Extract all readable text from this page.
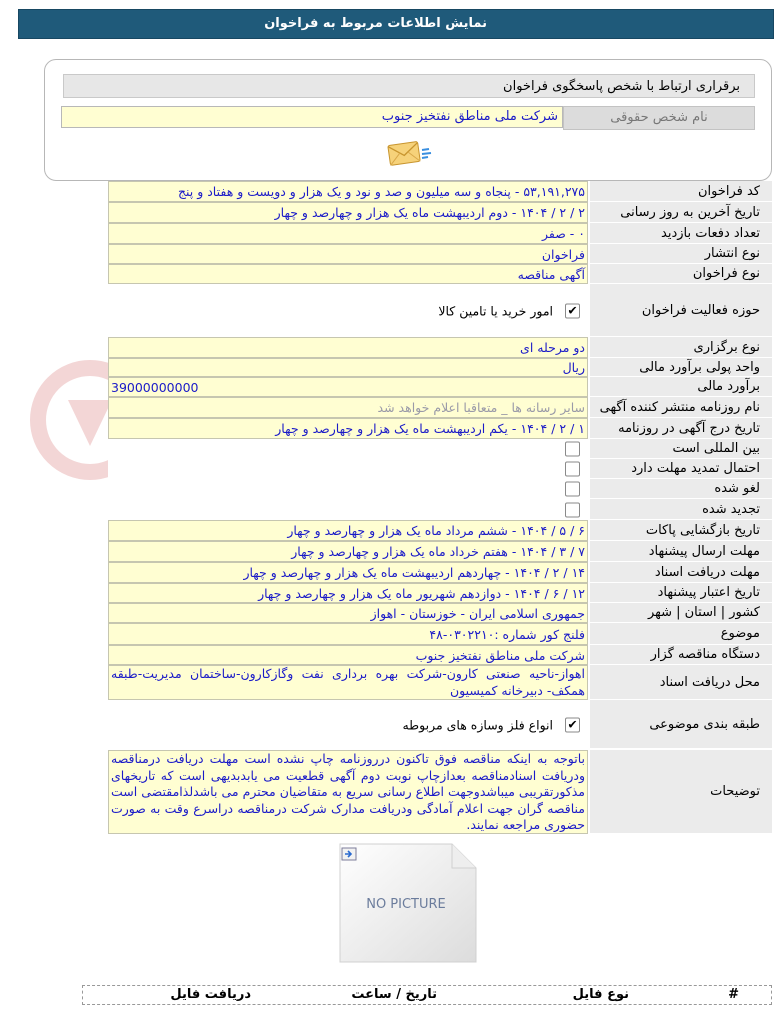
نمایش اطلاعات مربوط به فراخوان
برقراری ارتباط با شخص پاسخگوی فراخوان
نام شخص حقوقی
شرکت ملی مناطق نفتخیز جنوب
کد فراخوان
۵۳,۱۹۱,۲۷۵ - پنجاه و سه میلیون و صد و نود و یک هزار و دویست و هفتاد و پنج
تاریخ آخرین به روز رسانی
۲ / ۲ / ۱۴۰۴ - دوم اردیبهشت ماه یک هزار و چهارصد و چهار
تعداد دفعات بازدید
۰ - صفر
نوع انتشار
فراخوان
نوع فراخوان
آگهی مناقصه
حوزه فعالیت فراخوان
✔
امور خرید یا تامین کالا
نوع برگزاری
دو مرحله ای
واحد پولی برآورد مالی
ریال
برآورد مالی
39000000000
نام روزنامه منتشر کننده آگهی
سایر رسانه ها _ متعاقبا اعلام خواهد شد
تاریخ درج آگهی در روزنامه
۱ / ۲ / ۱۴۰۴ - یکم اردیبهشت ماه یک هزار و چهارصد و چهار
بین المللی است
احتمال تمدید مهلت دارد
لغو شده
تجدید شده
تاریخ بازگشایی پاکات
۶ / ۵ / ۱۴۰۴ - ششم مرداد ماه یک هزار و چهارصد و چهار
مهلت ارسال پیشنهاد
۷ / ۳ / ۱۴۰۴ - هفتم خرداد ماه یک هزار و چهارصد و چهار
مهلت دریافت اسناد
۱۴ / ۲ / ۱۴۰۴ - چهاردهم اردیبهشت ماه یک هزار و چهارصد و چهار
تاریخ اعتبار پیشنهاد
۱۲ / ۶ / ۱۴۰۴ - دوازدهم شهریور ماه یک هزار و چهارصد و چهار
کشور | استان | شهر
جمهوری اسلامی ایران - خوزستان - اهواز
موضوع
فلنج کور شماره :۰۳۰۲۲۱۰-۴۸
دستگاه مناقصه گزار
شرکت ملی مناطق نفتخیز جنوب
محل دریافت اسناد
اهواز-ناحیه صنعتی کارون-شرکت بهره برداری نفت وگازکارون-ساختمان مدیریت-طبقه همکف- دبیرخانه کمیسیون
طبقه بندی موضوعی
✔
انواع فلز وسازه های مربوطه
توضیحات
باتوجه به اینکه مناقصه فوق تاکنون درروزنامه چاپ نشده است مهلت دریافت درمناقصه ودریافت اسنادمناقصه بعدازچاپ نوبت دوم آگهی قطعیت می یابدبدیهی است که تاریخهای مذکورتقریبی میباشدوجهت اطلاع رسانی سریع به متقاضیان محترم می باشدلذامقتضی است مناقصه گران جهت اعلام آمادگی ودریافت مدارک شرکت درمناقصه دراسرع وقت به صورت حضوری مراجعه نمایند.
NO PICTURE
#
نوع فایل
تاریخ / ساعت
دریافت فایل
